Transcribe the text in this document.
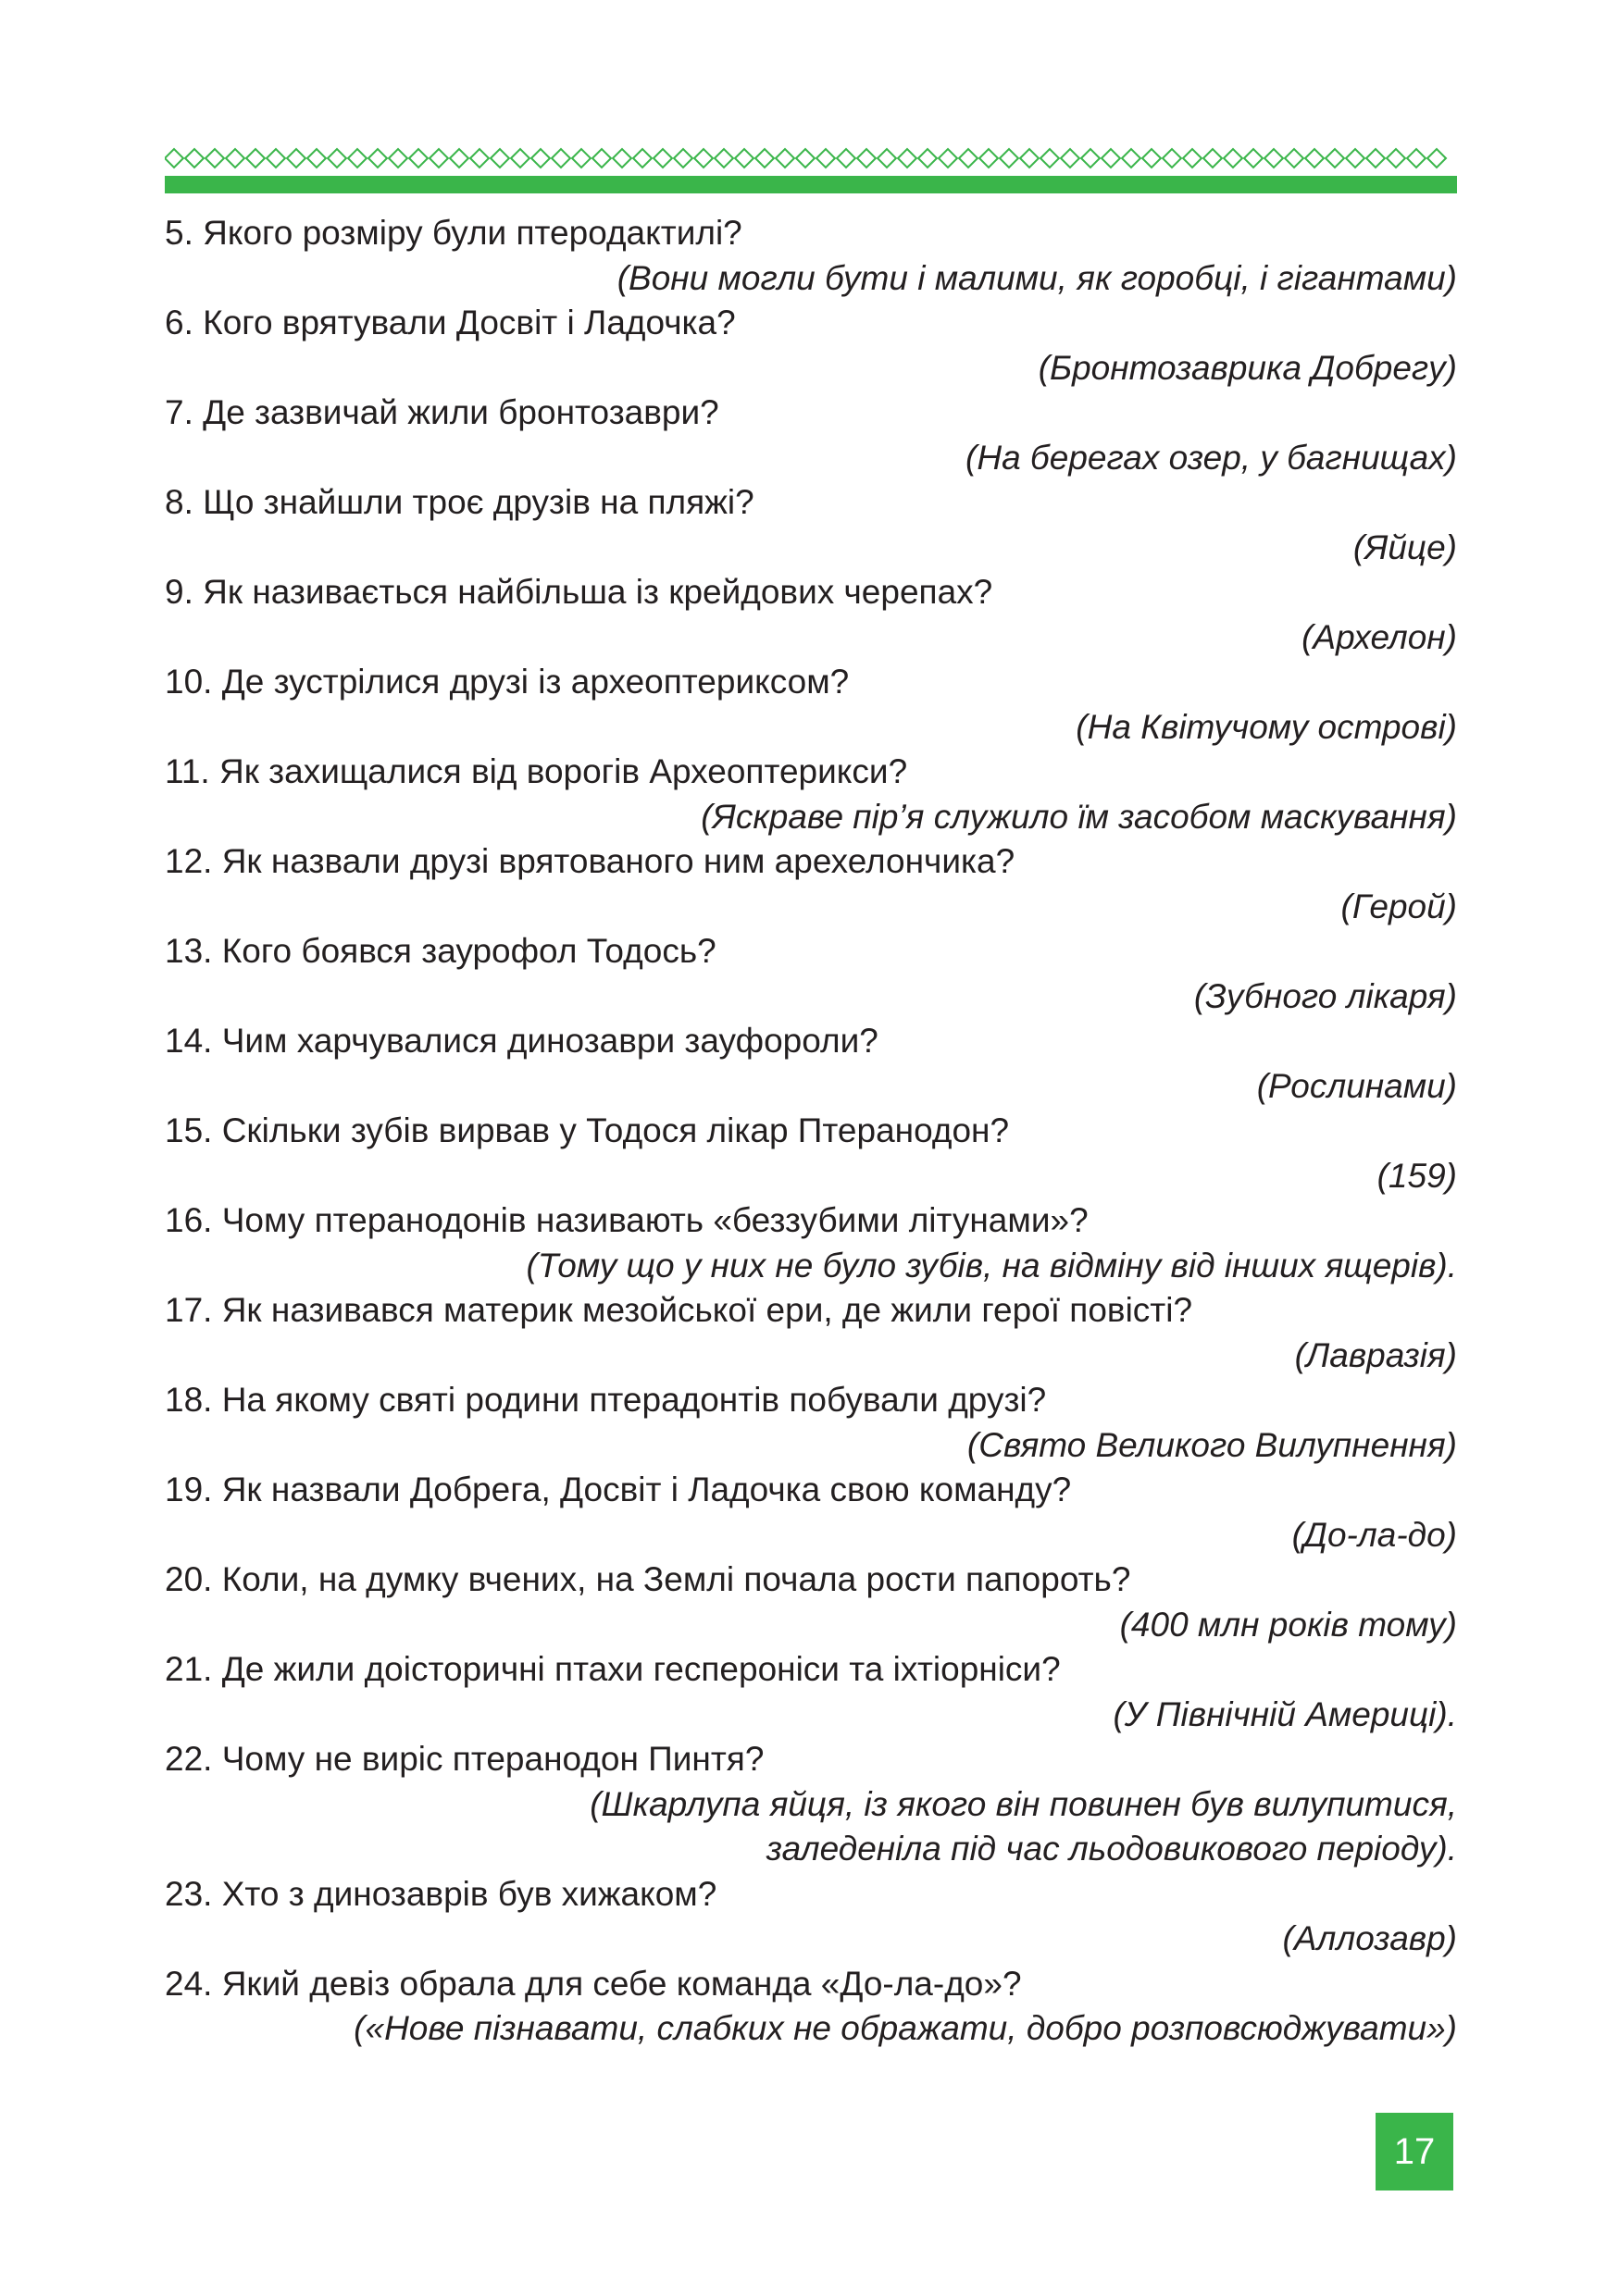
5. Якого розміру були птеродактилі?
(Вони могли бути і малими, як горобці, і гігантами)
6. Кого врятували Досвіт і Ладочка?
(Бронтозаврика Добрегу)
7. Де зазвичай жили бронтозаври?
(На берегах озер, у багнищах)
8. Що знайшли троє друзів на пляжі?
(Яйце)
9. Як називається найбільша із крейдових черепах?
(Архелон)
10. Де зустрілися друзі із археоптериксом?
(На Квітучому острові)
11. Як захищалися від ворогів Археоптерикси?
(Яскраве пір’я служило їм засобом маскування)
12. Як назвали друзі врятованого ним арехелончика?
(Герой)
13. Кого боявся заурофол Тодось?
(Зубного лікаря)
14. Чим харчувалися динозаври зауфороли?
(Рослинами)
15. Скільки зубів вирвав у Тодося лікар Птеранодон?
(159)
16. Чому птеранодонів називають «беззубими літунами»?
(Тому що у них не було зубів, на відміну від інших ящерів).
17. Як називався материк мезойської ери, де жили герої повісті?
(Лавразія)
18. На якому святі родини птерадонтів побували друзі?
(Свято Великого Вилупнення)
19. Як назвали Добрега, Досвіт і Ладочка свою команду?
(До-ла-до)
20. Коли, на думку вчених, на Землі почала рости папороть?
(400 млн років тому)
21. Де жили доісторичні птахи геспероніси та іхтіорніси?
(У Північній Америці).
22. Чому не виріс птеранодон Пинтя?
(Шкарлупа яйця, із якого він повинен був вилупитися,
заледеніла під час льодовикового періоду).
23. Хто з динозаврів був хижаком?
(Аллозавр)
24. Який девіз обрала для себе команда «До-ла-до»?
(«Нове пізнавати, слабких не ображати, добро розповсюджувати»)
17
